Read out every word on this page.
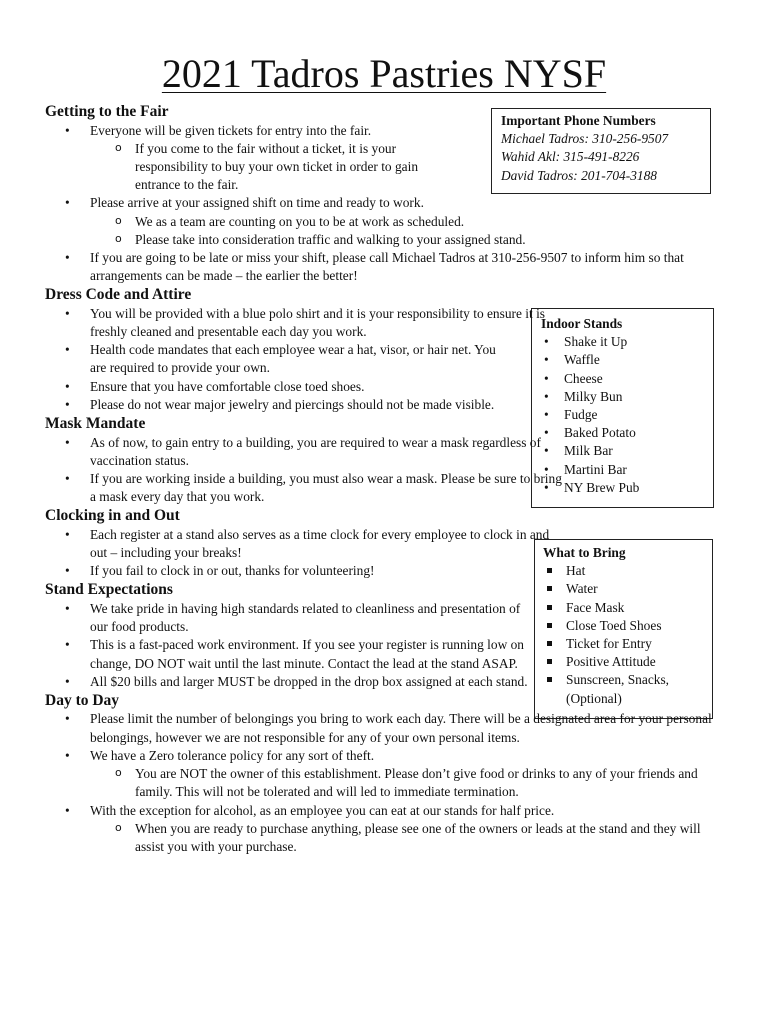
2021 Tadros Pastries NYSF
Important Phone Numbers
Michael Tadros: 310-256-9507
Wahid Akl: 315-491-8226
David Tadros: 201-704-3188
Indoor Stands
• Shake it Up
• Waffle
• Cheese
• Milky Bun
• Fudge
• Baked Potato
• Milk Bar
• Martini Bar
• NY Brew Pub
What to Bring
Hat
Water
Face Mask
Close Toed Shoes
Ticket for Entry
Positive Attitude
Sunscreen, Snacks, (Optional)
Getting to the Fair
• Everyone will be given tickets for entry into the fair.
o If you come to the fair without a ticket, it is your responsibility to buy your own ticket in order to gain entrance to the fair.
• Please arrive at your assigned shift on time and ready to work.
o We as a team are counting on you to be at work as scheduled.
o Please take into consideration traffic and walking to your assigned stand.
• If you are going to be late or miss your shift, please call Michael Tadros at 310-256-9507 to inform him so that arrangements can be made – the earlier the better!
Dress Code and Attire
• You will be provided with a blue polo shirt and it is your responsibility to ensure it is freshly cleaned and presentable each day you work.
• Health code mandates that each employee wear a hat, visor, or hair net. You are required to provide your own.
• Ensure that you have comfortable close toed shoes.
• Please do not wear major jewelry and piercings should not be made visible.
Mask Mandate
• As of now, to gain entry to a building, you are required to wear a mask regardless of vaccination status.
• If you are working inside a building, you must also wear a mask. Please be sure to bring a mask every day that you work.
Clocking in and Out
• Each register at a stand also serves as a time clock for every employee to clock in and out – including your breaks!
• If you fail to clock in or out, thanks for volunteering!
Stand Expectations
• We take pride in having high standards related to cleanliness and presentation of our food products.
• This is a fast-paced work environment. If you see your register is running low on change, DO NOT wait until the last minute. Contact the lead at the stand ASAP.
• All $20 bills and larger MUST be dropped in the drop box assigned at each stand.
Day to Day
• Please limit the number of belongings you bring to work each day. There will be a designated area for your personal belongings, however we are not responsible for any of your own personal items.
• We have a Zero tolerance policy for any sort of theft.
o You are NOT the owner of this establishment. Please don’t give food or drinks to any of your friends and family. This will not be tolerated and will led to immediate termination.
• With the exception for alcohol, as an employee you can eat at our stands for half price.
o When you are ready to purchase anything, please see one of the owners or leads at the stand and they will assist you with your purchase.
